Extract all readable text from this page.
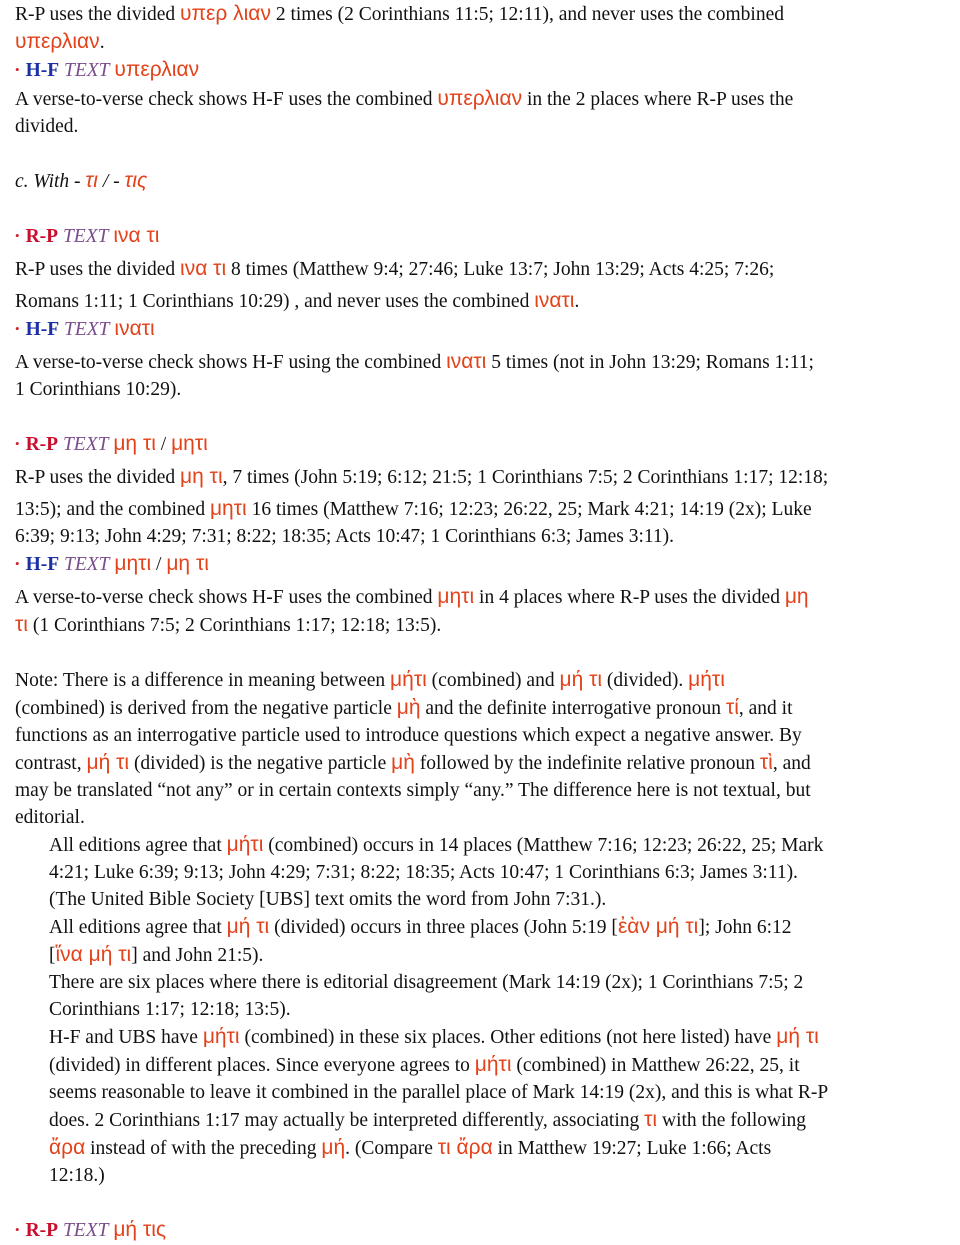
R-P uses the divided υπερ λιαν 2 times (2 Corinthians 11:5; 12:11), and never uses the combined

υπερλιαν.

• H-F TEXT υπερλιαν

A verse-to-verse check shows H-F uses the combined υπερλιαν in the 2 places where R-P uses the

divided.

c. With - τι / - τις

• R-P TEXT ινα τι

R-P uses the divided ινα τι 8 times (Matthew 9:4; 27:46; Luke 13:7; John 13:29; Acts 4:25; 7:26;

Romans 1:11; 1 Corinthians 10:29) , and never uses the combined ινατι.

• H-F TEXT ινατι

A verse-to-verse check shows H-F using the combined ινατι 5 times (not in John 13:29; Romans 1:11;

1 Corinthians 10:29).

• R-P TEXT μη τι / μητι

R-P uses the divided μη τι, 7 times (John 5:19; 6:12; 21:5; 1 Corinthians 7:5; 2 Corinthians 1:17; 12:18;

13:5); and the combined μητι 16 times (Matthew 7:16; 12:23; 26:22, 25; Mark 4:21; 14:19 (2x); Luke

6:39; 9:13; John 4:29; 7:31; 8:22; 18:35; Acts 10:47; 1 Corinthians 6:3; James 3:11).

• H-F TEXT μητι / μη τι

A verse-to-verse check shows H-F uses the combined μητι in 4 places where R-P uses the divided μη

τι (1 Corinthians 7:5; 2 Corinthians 1:17; 12:18; 13:5).

Note: There is a difference in meaning between μήτι (combined) and μή τι (divided). μήτι

(combined) is derived from the negative particle μὴ and the definite interrogative pronoun τί, and it

functions as an interrogative particle used to introduce questions which expect a negative answer. By

contrast, μή τι (divided) is the negative particle μὴ followed by the indefinite relative pronoun τὶ, and

may be translated “not any” or in certain contexts simply “any.” The difference here is not textual, but

editorial.

All editions agree that μήτι (combined) occurs in 14 places (Matthew 7:16; 12:23; 26:22, 25; Mark

4:21; Luke 6:39; 9:13; John 4:29; 7:31; 8:22; 18:35; Acts 10:47; 1 Corinthians 6:3; James 3:11).

(The United Bible Society [UBS] text omits the word from John 7:31.).

All editions agree that μή τι (divided) occurs in three places (John 5:19 [ἐὰν μή τι]; John 6:12

[ἵνα μή τι] and John 21:5).

There are six places where there is editorial disagreement (Mark 14:19 (2x); 1 Corinthians 7:5; 2

Corinthians 1:17; 12:18; 13:5).

H-F and UBS have μήτι (combined) in these six places. Other editions (not here listed) have μή τι

(divided) in different places. Since everyone agrees to μήτι (combined) in Matthew 26:22, 25, it

seems reasonable to leave it combined in the parallel place of Mark 14:19 (2x), and this is what R-P

does. 2 Corinthians 1:17 may actually be interpreted differently, associating τι with the following

ἄρα instead of with the preceding μή. (Compare τι ἄρα in Matthew 19:27; Luke 1:66; Acts

12:18.)

• R-P TEXT μή τις
